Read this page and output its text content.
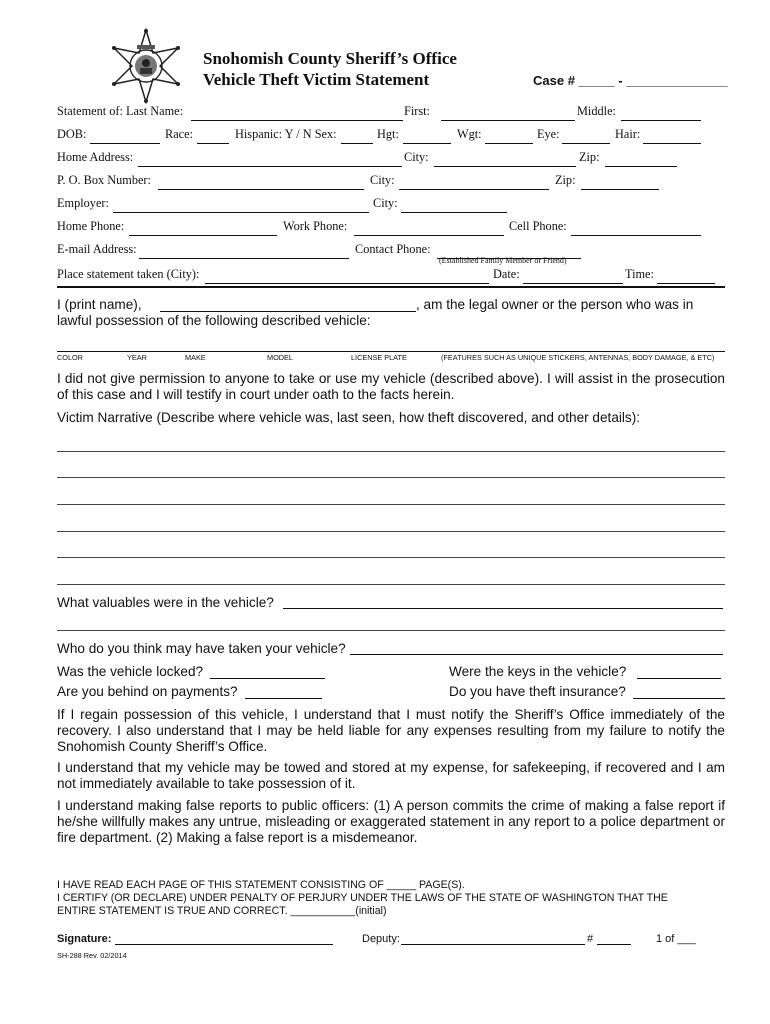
Snohomish County Sheriff’s Office
Vehicle Theft Victim Statement	Case # _____ - ______________
Statement of: Last Name:	First:	Middle:
DOB:	Race:	Hispanic: Y / N Sex:	Hgt:	Wgt:	Eye:	Hair:
Home Address:	City:	Zip:
P. O. Box Number:	City:	Zip:
Employer:	City:
Home Phone:	Work Phone:	Cell Phone:
E-mail Address:	Contact Phone:
(Established Family Member or Friend)
Place statement taken (City):	Date:	Time:
I (print name),	, am the legal owner or the person who was in
lawful possession of the following described vehicle:
COLOR	YEAR	MAKE	MODEL	LICENSE PLATE	(FEATURES SUCH AS UNIQUE STICKERS, ANTENNAS, BODY DAMAGE, & ETC)
I did not give permission to anyone to take or use my vehicle (described above). I will assist in the prosecution of this case and I will testify in court under oath to the facts herein.
Victim Narrative (Describe where vehicle was, last seen, how theft discovered, and other details):
What valuables were in the vehicle?
Who do you think may have taken your vehicle?
Was the vehicle locked?	Were the keys in the vehicle?
Are you behind on payments?	Do you have theft insurance?
If I regain possession of this vehicle, I understand that I must notify the Sheriff’s Office immediately of the recovery. I also understand that I may be held liable for any expenses resulting from my failure to notify the Snohomish County Sheriff’s Office.
I understand that my vehicle may be towed and stored at my expense, for safekeeping, if recovered and I am not immediately available to take possession of it.
I understand making false reports to public officers: (1) A person commits the crime of making a false report if he/she willfully makes any untrue, misleading or exaggerated statement in any report to a police department or fire department. (2) Making a false report is a misdemeanor.
I HAVE READ EACH PAGE OF THIS STATEMENT CONSISTING OF _____ PAGE(S).
I CERTIFY (OR DECLARE) UNDER PENALTY OF PERJURY UNDER THE LAWS OF THE STATE OF WASHINGTON THAT THE
ENTIRE STATEMENT IS TRUE AND CORRECT. ___________(initial)
Signature:	Deputy:	#	1 of ___
SH-288 Rev. 02/2014
